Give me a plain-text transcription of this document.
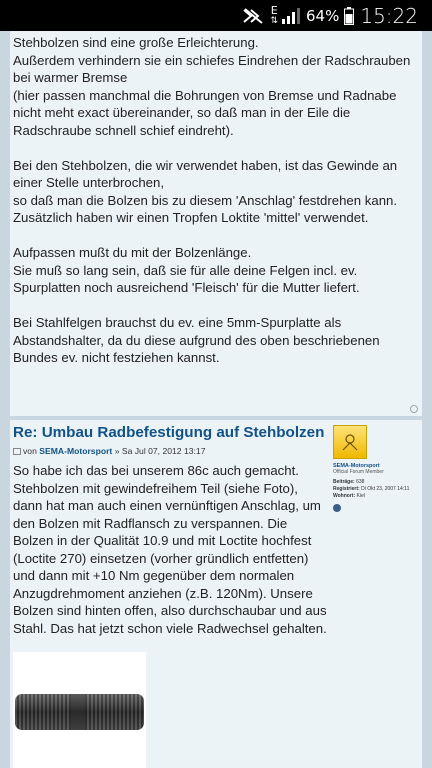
E
⇅ 64% 15:22

Stehbolzen sind eine große Erleichterung.
Außerdem verhindern sie ein schiefes Eindrehen der Radschrauben bei warmer Bremse
(hier passen manchmal die Bohrungen von Bremse und Radnabe nicht meht exact übereinander, so daß man in der Eile die Radschraube schnell schief eindreht).

Bei den Stehbolzen, die wir verwendet haben, ist das Gewinde an einer Stelle unterbrochen,
so daß man die Bolzen bis zu diesem 'Anschlag' festdrehen kann.
Zusätzlich haben wir einen Tropfen Loktite 'mittel' verwendet.

Aufpassen mußt du mit der Bolzenlänge.
Sie muß so lang sein, daß sie für alle deine Felgen incl. ev. Spurplatten noch ausreichend 'Fleisch' für die Mutter liefert.

Bei Stahlfelgen brauchst du ev. eine 5mm-Spurplatte als Abstandshalter, da du diese aufgrund des oben beschriebenen Bundes ev. nicht festziehen kannst.

Re: Umbau Radbefestigung auf Stehbolzen
von SEMA-Motorsport » Sa Jul 07, 2012 13:17

So habe ich das bei unserem 86c auch gemacht. Stehbolzen mit gewindefreihem Teil (siehe Foto), dann hat man auch einen vernünftigen Anschlag, um den Bolzen mit Radflansch zu verspannen. Die Bolzen in der Qualität 10.9 und mit Loctite hochfest (Loctite 270) einsetzen (vorher gründlich entfetten) und dann mit +10 Nm gegenüber dem normalen Anzugdrehmoment anziehen (z.B. 120Nm). Unsere Bolzen sind hinten offen, also durchschaubar und aus Stahl. Das hat jetzt schon viele Radwechsel gehalten.

SEMA-Motorsport
Official Forum Member
Beiträge: 638
Registriert: Di Okt 23, 2007 14:11
Wohnort: Kiel
